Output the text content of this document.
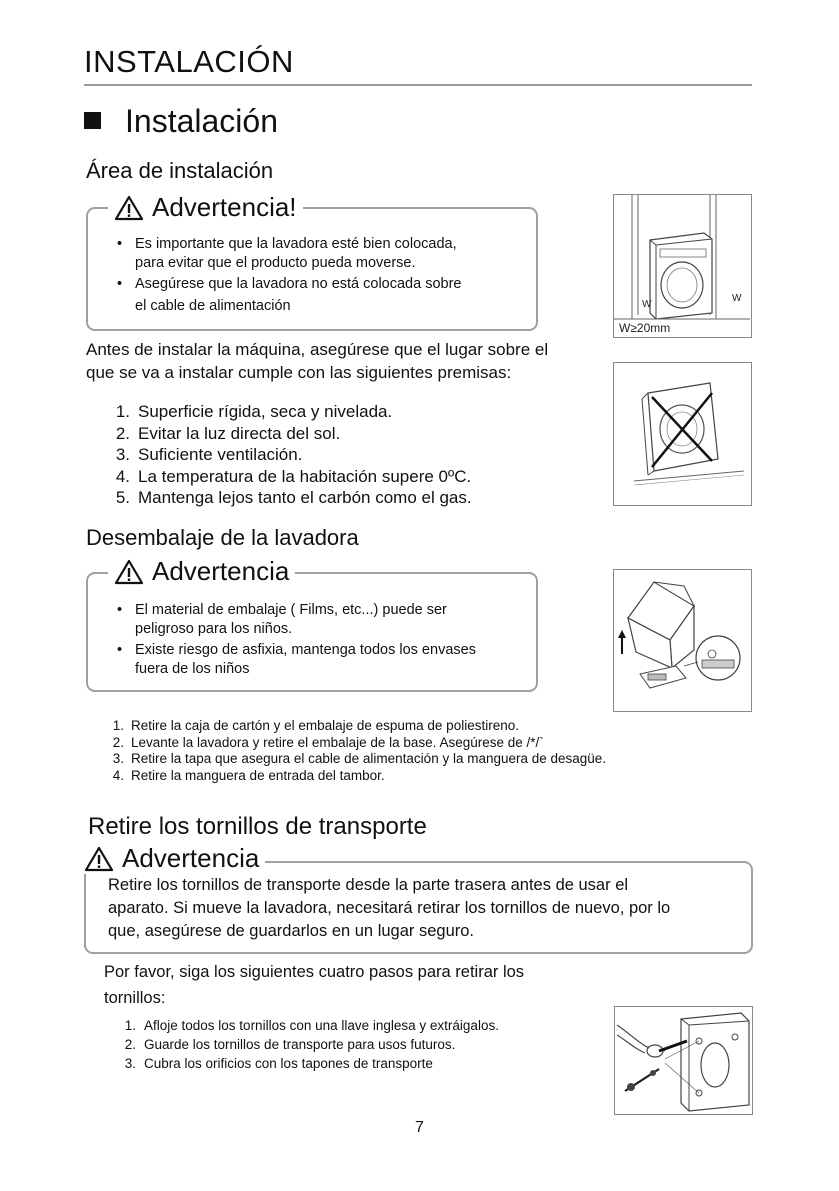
INSTALACIÓN
Instalación
Área de instalación
Advertencia!
• Es importante que la lavadora esté bien colocada,
para evitar que el producto pueda moverse.
• Asegúrese que la lavadora no está colocada sobre
el cable de alimentación
Antes de instalar la máquina, asegúrese que el lugar sobre el
que se va a instalar cumple con las siguientes premisas:
1. Superficie rígida, seca y nivelada.
2. Evitar la luz directa del sol.
3. Suficiente ventilación.
4. La temperatura de la habitación supere 0ºC.
5. Mantenga lejos tanto el carbón como el gas.
W
W
W≥20mm
Desembalaje de la lavadora
Advertencia
• El material de embalaje ( Films, etc...) puede ser
peligroso para los niños.
• Existe riesgo de asfixia, mantenga todos los envases
fuera de los niños
1. Retire la caja de cartón y el embalaje de espuma de poliestireno.
2. Levante la lavadora y retire el embalaje de la base. Asegúrese de /*/`
3. Retire la tapa que asegura el cable de alimentación y la manguera de desagüe.
4. Retire la manguera de entrada del tambor.
Retire los tornillos de transporte
Advertencia
Retire los tornillos de transporte desde la parte trasera antes de usar el
aparato. Si mueve la lavadora, necesitará retirar los tornillos de nuevo, por lo
que, asegúrese de guardarlos en un lugar seguro.
Por favor, siga los siguientes cuatro pasos para retirar los
tornillos:
1. Afloje todos los tornillos con una llave inglesa y extráigalos.
2. Guarde los tornillos de transporte para usos futuros.
3. Cubra los orificios con los tapones de transporte
7
